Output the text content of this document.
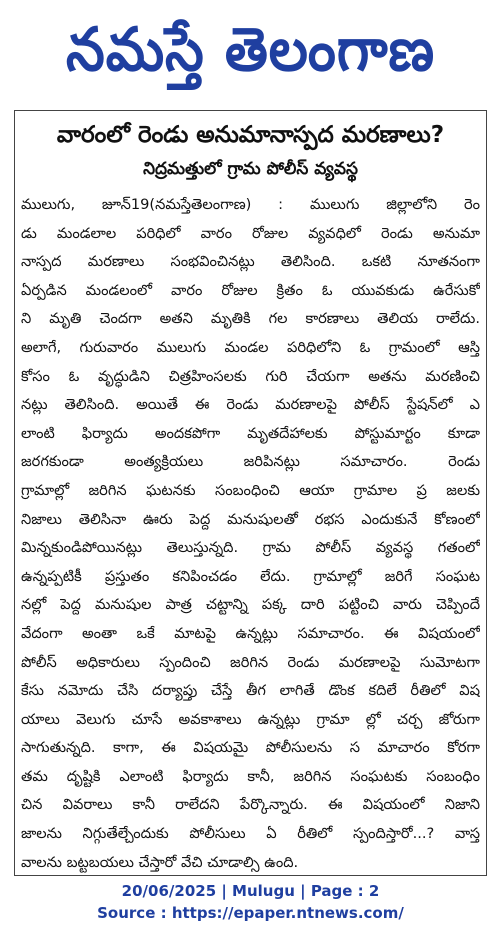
నమస్తే తెలంగాణ
వారంలో రెండు అనుమానాస్పద మరణాలు?
నిద్రమత్తులో గ్రామ పోలీస్ వ్యవస్థ
ములుగు, జూన్19(నమస్తేతెలంగాణ) : ములుగు జిల్లాలోని రెం
డు మండలాల పరిధిలో వారం రోజుల వ్యవధిలో రెండు అనుమా
నాస్పద మరణాలు సంభవించినట్లు తెలిసింది. ఒకటి నూతనంగా
ఏర్పడిన మండలంలో వారం రోజుల క్రితం ఓ యువకుడు ఉరేసుకో
ని మృతి చెందగా అతని మృతికి గల కారణాలు తెలియ రాలేదు.
అలాగే, గురువారం ములుగు మండల పరిధిలోని ఓ గ్రామంలో ఆస్తి
కోసం ఓ వృద్ధుడిని చిత్రహింసలకు గురి చేయగా అతను మరణించి
నట్లు తెలిసింది. అయితే ఈ రెండు మరణాలపై పోలీస్ స్టేషన్‌లో ఎ
లాంటి ఫిర్యాదు అందకపోగా మృతదేహాలకు పోస్టుమార్టం కూడా
జరగకుండా అంత్యక్రియలు జరిపినట్లు సమాచారం. రెండు
గ్రామాల్లో జరిగిన ఘటనకు సంబంధించి ఆయా గ్రామాల ప్ర జలకు
నిజాలు తెలిసినా ఊరు పెద్ద మనుషులతో రభస ఎందుకునే కోణంలో
మిన్నకుండిపోయినట్లు తెలుస్తున్నది. గ్రామ పోలీస్ వ్యవస్థ గతంలో
ఉన్నప్పటికీ ప్రస్తుతం కనిపించడం లేదు. గ్రామాల్లో జరిగే సంఘట
నల్లో పెద్ద మనుషుల పాత్ర చట్టాన్ని పక్క దారి పట్టించి వారు చెప్పిందే
వేదంగా అంతా ఒకే మాటపై ఉన్నట్లు సమాచారం. ఈ విషయంలో
పోలీస్ అధికారులు స్పందించి జరిగిన రెండు మరణాలపై సుమోటగా
కేసు నమోదు చేసి దర్యాప్తు చేస్తే తీగ లాగితే డొంక కదిలే రీతిలో విష
యాలు వెలుగు చూసే అవకాశాలు ఉన్నట్లు గ్రామా ల్లో చర్చ జోరుగా
సాగుతున్నది. కాగా, ఈ విషయమై పోలీసులను స మాచారం కోరగా
తమ దృష్టికి ఎలాంటి ఫిర్యాదు కానీ, జరిగిన సంఘటకు సంబంధిం
చిన వివరాలు కానీ రాలేదని పేర్కొన్నారు. ఈ విషయంలో నిజాని
జాలను నిగ్గుతేల్చేందుకు పోలీసులు ఏ రీతిలో స్పందిస్తారో...? వాస్త
వాలను బట్టబయలు చేస్తారో వేచి చూడాల్సి ఉంది.
20/06/2025 | Mulugu | Page : 2
Source : https://epaper.ntnews.com/
